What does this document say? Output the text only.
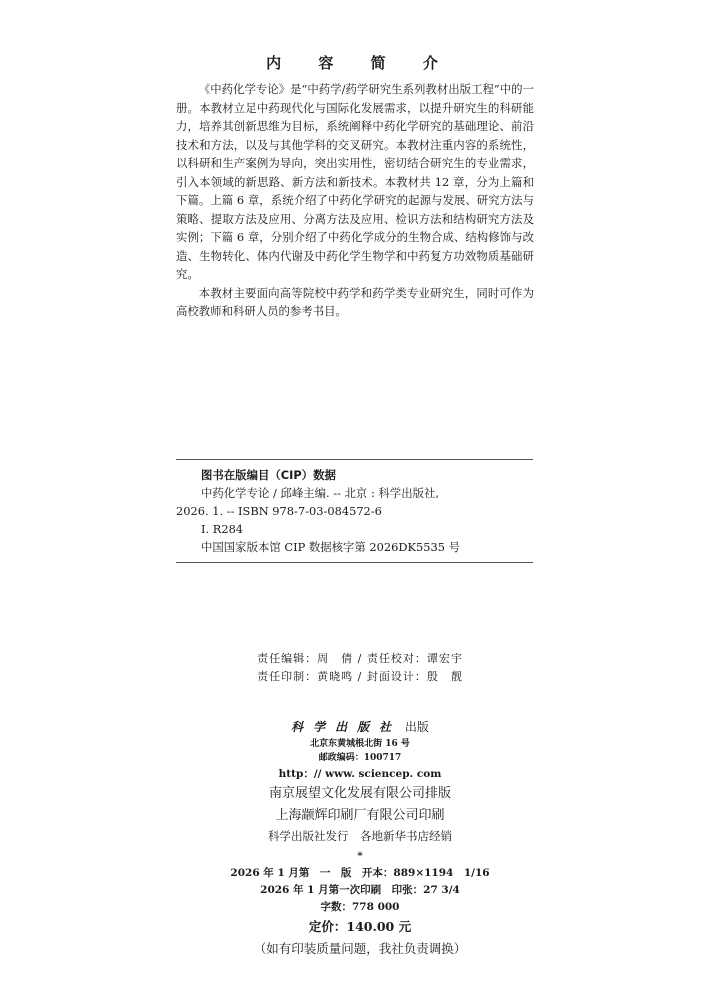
内 容 简 介

《中药化学专论》是“中药学/药学研究生系列教材出版工程”中的一册。本教材立足中药现代化与国际化发展需求，以提升研究生的科研能力，培养其创新思维为目标，系统阐释中药化学研究的基础理论、前沿技术和方法，以及与其他学科的交叉研究。本教材注重内容的系统性，以科研和生产案例为导向，突出实用性，密切结合研究生的专业需求，引入本领域的新思路、新方法和新技术。本教材共 12 章，分为上篇和下篇。上篇 6 章，系统介绍了中药化学研究的起源与发展、研究方法与策略、提取方法及应用、分离方法及应用、检识方法和结构研究方法及实例；下篇 6 章，分别介绍了中药化学成分的生物合成、结构修饰与改造、生物转化、体内代谢及中药化学生物学和中药复方功效物质基础研究。

本教材主要面向高等院校中药学和药学类专业研究生，同时可作为高校教师和科研人员的参考书目。

图书在版编目（CIP）数据
中药化学专论 / 邱峰主编. -- 北京 : 科学出版社,
2026. 1. -- ISBN 978-7-03-084572-6
Ⅰ. R284
中国国家版本馆 CIP 数据核字第 2026DK5535 号
责任编辑：周　倩 / 责任校对：谭宏宇
责任印制：黄晓鸣 / 封面设计：殷　靓
科学出版社 出版
北京东黄城根北街 16 号
邮政编码：100717
http：// www. sciencep. com
南京展望文化发展有限公司排版
上海颛辉印刷厂有限公司印刷
科学出版社发行　各地新华书店经销
*
2026 年 1 月第　一　版　开本：889×1194　1/16
2026 年 1 月第一次印刷　印张：27 3/4
字数：778 000
定价：140.00 元
（如有印装质量问题，我社负责调换）
